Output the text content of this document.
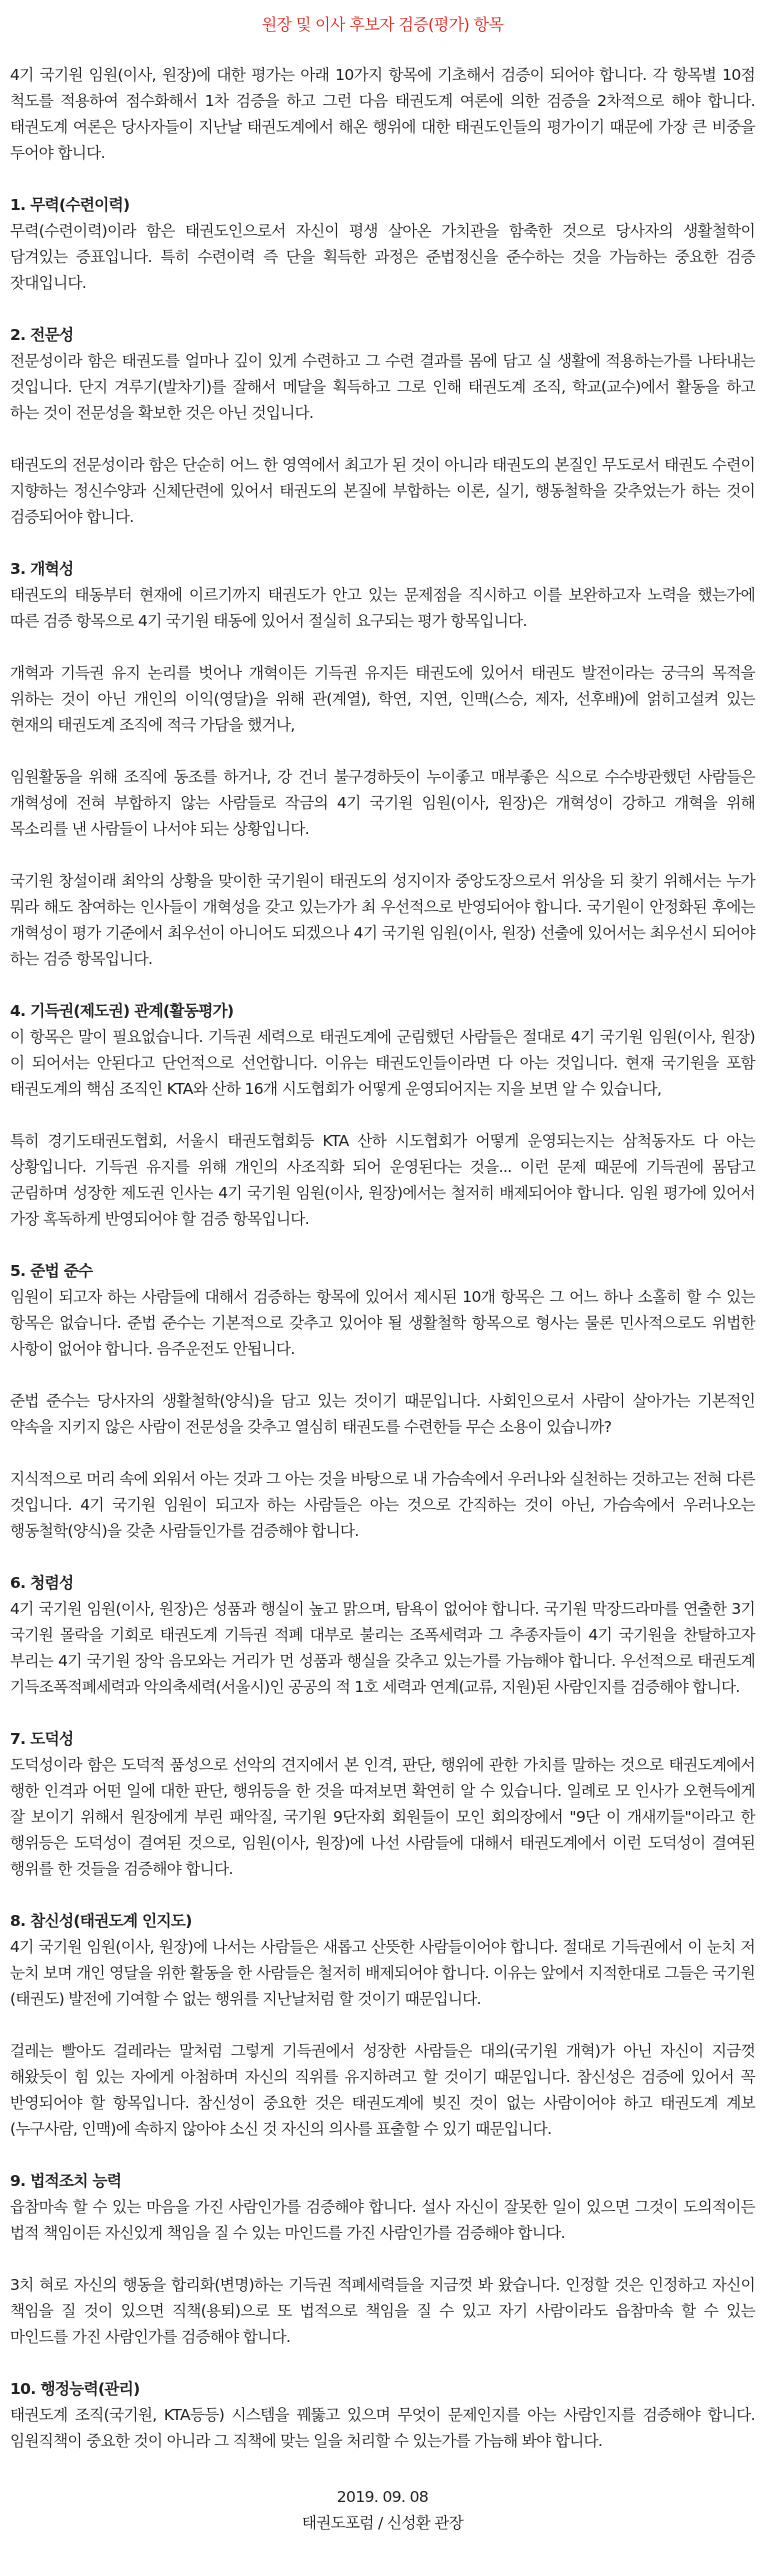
원장 및 이사 후보자 검증(평가) 항목
4기 국기원 임원(이사, 원장)에 대한 평가는 아래 10가지 항목에 기초해서 검증이 되어야 합니다. 각 항목별 10점 척도를 적용하여 점수화해서 1차 검증을 하고 그런 다음 태권도계 여론에 의한 검증을 2차적으로 해야 합니다. 태권도계 여론은 당사자들이 지난날 태권도계에서 해온 행위에 대한 태권도인들의 평가이기 때문에 가장 큰 비중을 두어야 합니다.
1. 무력(수련이력)
무력(수련이력)이라 함은 태권도인으로서 자신이 평생 살아온 가치관을 함축한 것으로 당사자의 생활철학이 담겨있는 증표입니다. 특히 수련이력 즉 단을 획득한 과정은 준법정신을 준수하는 것을 가늠하는 중요한 검증 잣대입니다.
2. 전문성
전문성이라 함은 태권도를 얼마나 깊이 있게 수련하고 그 수련 결과를 몸에 담고 실 생활에 적용하는가를 나타내는 것입니다. 단지 겨루기(발차기)를 잘해서 메달을 획득하고 그로 인해 태권도계 조직, 학교(교수)에서 활동을 하고 하는 것이 전문성을 확보한 것은 아닌 것입니다.
태권도의 전문성이라 함은 단순히 어느 한 영역에서 최고가 된 것이 아니라 태권도의 본질인 무도로서 태권도 수련이 지향하는 정신수양과 신체단련에 있어서 태권도의 본질에 부합하는 이론, 실기, 행동철학을 갖추었는가 하는 것이 검증되어야 합니다.
3. 개혁성
태권도의 태동부터 현재에 이르기까지 태권도가 안고 있는 문제점을 직시하고 이를 보완하고자 노력을 했는가에 따른 검증 항목으로 4기 국기원 태동에 있어서 절실히 요구되는 평가 항목입니다.
개혁과 기득권 유지 논리를 벗어나 개혁이든 기득권 유지든 태권도에 있어서 태권도 발전이라는 궁극의 목적을 위하는 것이 아닌 개인의 이익(영달)을 위해 관(계열), 학연, 지연, 인맥(스승, 제자, 선후배)에 얽히고설켜 있는 현재의 태권도계 조직에 적극 가담을 했거나,
임원활동을 위해 조직에 동조를 하거나, 강 건너 불구경하듯이 누이좋고 매부좋은 식으로 수수방관했던 사람들은 개혁성에 전혀 부합하지 않는 사람들로 작금의 4기 국기원 임원(이사, 원장)은 개혁성이 강하고 개혁을 위해 목소리를 낸 사람들이 나서야 되는 상황입니다.
국기원 창설이래 최악의 상황을 맞이한 국기원이 태권도의 성지이자 중앙도장으로서 위상을 되 찾기 위해서는 누가 뭐라 해도 참여하는 인사들이 개혁성을 갖고 있는가가 최 우선적으로 반영되어야 합니다. 국기원이 안정화된 후에는 개혁성이 평가 기준에서 최우선이 아니어도 되겠으나 4기 국기원 임원(이사, 원장) 선출에 있어서는 최우선시 되어야 하는 검증 항목입니다.
4. 기득권(제도권) 관계(활동평가)
이 항목은 말이 필요없습니다. 기득권 세력으로 태권도계에 군림했던 사람들은 절대로 4기 국기원 임원(이사, 원장)이 되어서는 안된다고 단언적으로 선언합니다. 이유는 태권도인들이라면 다 아는 것입니다. 현재 국기원을 포함 태권도계의 핵심 조직인 KTA와 산하 16개 시도협회가 어떻게 운영되어지는 지을 보면 알 수 있습니다,
특히 경기도태권도협회, 서울시 태권도협회등 KTA 산하 시도협회가 어떻게 운영되는지는 삼척동자도 다 아는 상황입니다. 기득권 유지를 위해 개인의 사조직화 되어 운영된다는 것을... 이런 문제 때문에 기득권에 몸담고 군림하며 성장한 제도권 인사는 4기 국기원 임원(이사, 원장)에서는 철저히 배제되어야 합니다. 임원 평가에 있어서 가장 혹독하게 반영되어야 할 검증 항목입니다.
5. 준법 준수
임원이 되고자 하는 사람들에 대해서 검증하는 항목에 있어서 제시된 10개 항목은 그 어느 하나 소홀히 할 수 있는 항목은 없습니다. 준법 준수는 기본적으로 갖추고 있어야 될 생활철학 항목으로 형사는 물론 민사적으로도 위법한 사항이 없어야 합니다. 음주운전도 안됩니다.
준법 준수는 당사자의 생활철학(양식)을 담고 있는 것이기 때문입니다. 사회인으로서 사람이 살아가는 기본적인 약속을 지키지 않은 사람이 전문성을 갖추고 열심히 태권도를 수련한들 무슨 소용이 있습니까?
지식적으로 머리 속에 외워서 아는 것과 그 아는 것을 바탕으로 내 가슴속에서 우러나와 실천하는 것하고는 전혀 다른 것입니다. 4기 국기원 임원이 되고자 하는 사람들은 아는 것으로 간직하는 것이 아닌, 가슴속에서 우러나오는 행동철학(양식)을 갖춘 사람들인가를 검증해야 합니다.
6. 청렴성
4기 국기원 임원(이사, 원장)은 성품과 행실이 높고 맑으며, 탐욕이 없어야 합니다. 국기원 막장드라마를 연출한 3기 국기원 몰락을 기회로 태권도계 기득권 적폐 대부로 불리는 조폭세력과 그 추종자들이 4기 국기원을 찬탈하고자 부리는 4기 국기원 장악 음모와는 거리가 먼 성품과 행실을 갖추고 있는가를 가늠해야 합니다. 우선적으로 태권도계 기득조폭적폐세력과 악의축세력(서울시)인 공공의 적 1호 세력과 연계(교류, 지원)된 사람인지를 검증해야 합니다.
7. 도덕성
도덕성이라 함은 도덕적 품성으로 선악의 견지에서 본 인격, 판단, 행위에 관한 가치를 말하는 것으로 태권도계에서 행한 인격과 어떤 일에 대한 판단, 행위등을 한 것을 따져보면 확연히 알 수 있습니다. 일례로 모 인사가 오현득에게 잘 보이기 위해서 원장에게 부린 패악질, 국기원 9단자회 회원들이 모인 회의장에서 "9단 이 개새끼들"이라고 한 행위등은 도덕성이 결여된 것으로, 임원(이사, 원장)에 나선 사람들에 대해서 태권도계에서 이런 도덕성이 결여된 행위를 한 것들을 검증해야 합니다.
8. 참신성(태권도계 인지도)
4기 국기원 임원(이사, 원장)에 나서는 사람들은 새롭고 산뜻한 사람들이어야 합니다. 절대로 기득권에서 이 눈치 저 눈치 보며 개인 영달을 위한 활동을 한 사람들은 철저히 배제되어야 합니다. 이유는 앞에서 지적한대로 그들은 국기원(태권도) 발전에 기여할 수 없는 행위를 지난날처럼 할 것이기 때문입니다.
걸레는 빨아도 걸레라는 말처럼 그렇게 기득권에서 성장한 사람들은 대의(국기원 개혁)가 아닌 자신이 지금껏 해왔듯이 힘 있는 자에게 아첨하며 자신의 직위를 유지하려고 할 것이기 때문입니다. 참신성은 검증에 있어서 꼭 반영되어야 할 항목입니다. 참신성이 중요한 것은 태권도계에 빚진 것이 없는 사람이어야 하고 태권도계 계보(누구사람, 인맥)에 속하지 않아야 소신 것 자신의 의사를 표출할 수 있기 때문입니다.
9. 법적조치 능력
읍참마속 할 수 있는 마음을 가진 사람인가를 검증해야 합니다. 설사 자신이 잘못한 일이 있으면 그것이 도의적이든 법적 책임이든 자신있게 책임을 질 수 있는 마인드를 가진 사람인가를 검증해야 합니다.
3치 혀로 자신의 행동을 합리화(변명)하는 기득권 적폐세력들을 지금껏 봐 왔습니다. 인정할 것은 인정하고 자신이 책임을 질 것이 있으면 직책(용퇴)으로 또 법적으로 책임을 질 수 있고 자기 사람이라도 읍참마속 할 수 있는 마인드를 가진 사람인가를 검증해야 합니다.
10. 행정능력(관리)
태권도계 조직(국기원, KTA등등) 시스템을 꿰뚫고 있으며 무엇이 문제인지를 아는 사람인지를 검증해야 합니다. 임원직책이 중요한 것이 아니라 그 직책에 맞는 일을 처리할 수 있는가를 가늠해 봐야 합니다.
2019. 09. 08
태권도포럼 / 신성환 관장
